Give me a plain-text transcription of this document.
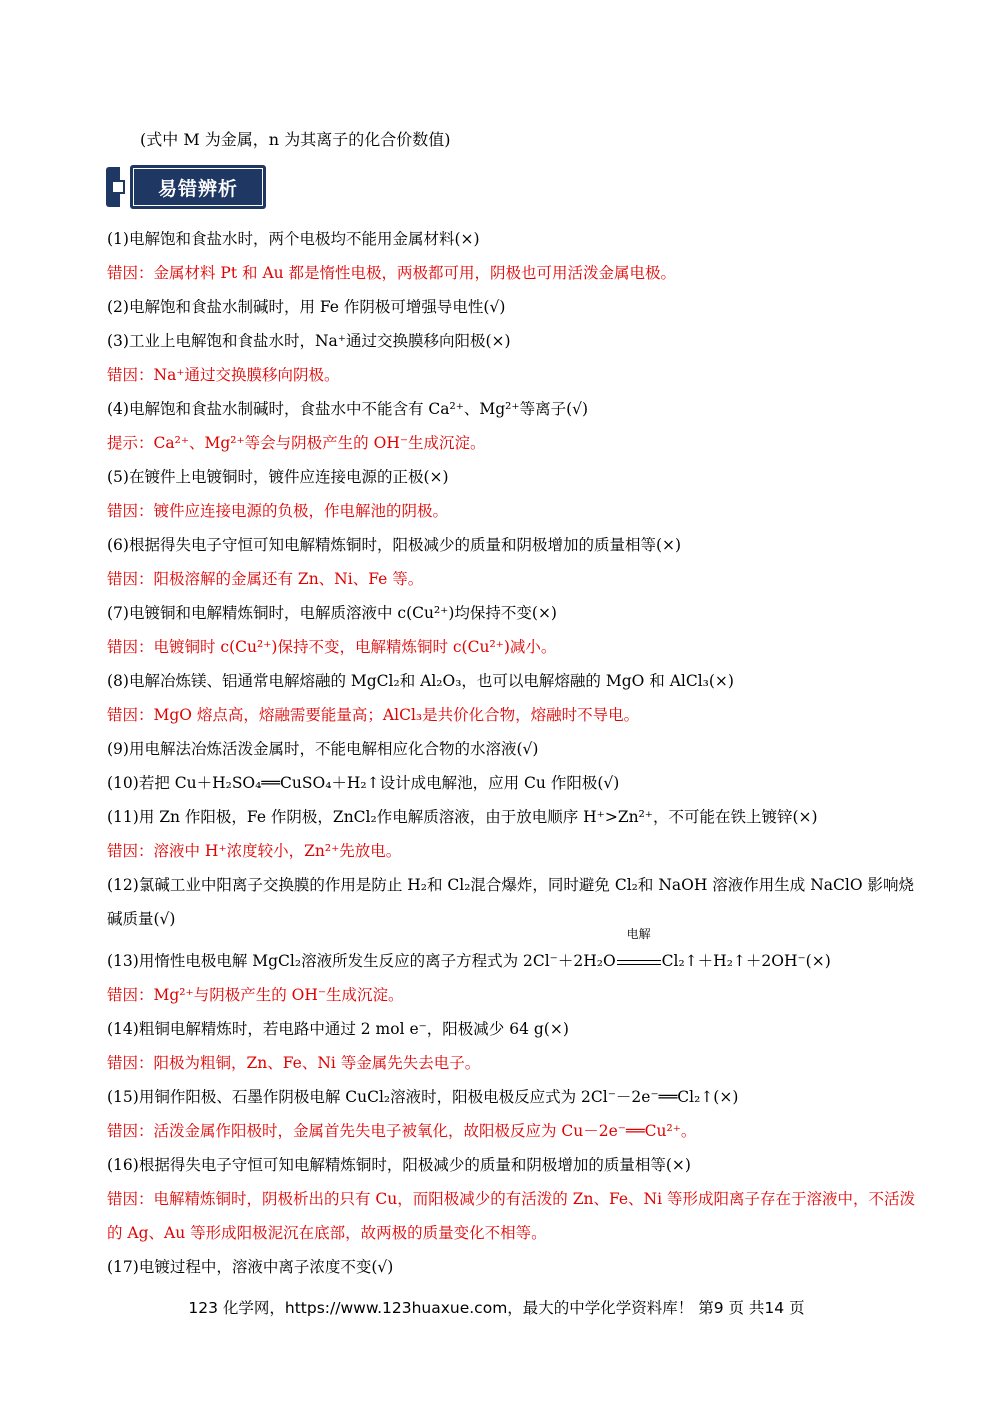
(式中 M 为金属，n 为其离子的化合价数值)
易错辨析
(1)电解饱和食盐水时，两个电极均不能用金属材料(×)
错因：金属材料 Pt 和 Au 都是惰性电极，两极都可用，阴极也可用活泼金属电极。
(2)电解饱和食盐水制碱时，用 Fe 作阴极可增强导电性(√)
(3)工业上电解饱和食盐水时，Na⁺通过交换膜移向阳极(×)
错因：Na⁺通过交换膜移向阴极。
(4)电解饱和食盐水制碱时，食盐水中不能含有 Ca²⁺、Mg²⁺等离子(√)
提示：Ca²⁺、Mg²⁺等会与阴极产生的 OH⁻生成沉淀。
(5)在镀件上电镀铜时，镀件应连接电源的正极(×)
错因：镀件应连接电源的负极，作电解池的阴极。
(6)根据得失电子守恒可知电解精炼铜时，阳极减少的质量和阴极增加的质量相等(×)
错因：阳极溶解的金属还有 Zn、Ni、Fe 等。
(7)电镀铜和电解精炼铜时，电解质溶液中 c(Cu²⁺)均保持不变(×)
错因：电镀铜时 c(Cu²⁺)保持不变，电解精炼铜时 c(Cu²⁺)减小。
(8)电解冶炼镁、铝通常电解熔融的 MgCl₂和 Al₂O₃，也可以电解熔融的 MgO 和 AlCl₃(×)
错因：MgO 熔点高，熔融需要能量高；AlCl₃是共价化合物，熔融时不导电。
(9)用电解法冶炼活泼金属时，不能电解相应化合物的水溶液(√)
(10)若把 Cu＋H₂SO₄══CuSO₄＋H₂↑设计成电解池，应用 Cu 作阳极(√)
(11)用 Zn 作阳极，Fe 作阴极，ZnCl₂作电解质溶液，由于放电顺序 H⁺>Zn²⁺，不可能在铁上镀锌(×)
错因：溶液中 H⁺浓度较小，Zn²⁺先放电。
(12)氯碱工业中阳离子交换膜的作用是防止 H₂和 Cl₂混合爆炸，同时避免 Cl₂和 NaOH 溶液作用生成 NaClO 影响烧碱质量(√)
(13)用惰性电极电解 MgCl₂溶液所发生反应的离子方程式为 2Cl⁻＋2H₂O
电解
Cl₂↑＋H₂↑＋2OH⁻(×)
错因：Mg²⁺与阴极产生的 OH⁻生成沉淀。
(14)粗铜电解精炼时，若电路中通过 2 mol e⁻，阳极减少 64 g(×)
错因：阳极为粗铜，Zn、Fe、Ni 等金属先失去电子。
(15)用铜作阳极、石墨作阴极电解 CuCl₂溶液时，阳极电极反应式为 2Cl⁻－2e⁻══Cl₂↑(×)
错因：活泼金属作阳极时，金属首先失电子被氧化，故阳极反应为 Cu－2e⁻══Cu²⁺。
(16)根据得失电子守恒可知电解精炼铜时，阳极减少的质量和阴极增加的质量相等(×)
错因：电解精炼铜时，阴极析出的只有 Cu，而阳极减少的有活泼的 Zn、Fe、Ni 等形成阳离子存在于溶液中，不活泼的 Ag、Au 等形成阳极泥沉在底部，故两极的质量变化不相等。
(17)电镀过程中，溶液中离子浓度不变(√)
123 化学网，https://www.123huaxue.com，最大的中学化学资料库！ 第9 页 共14 页
